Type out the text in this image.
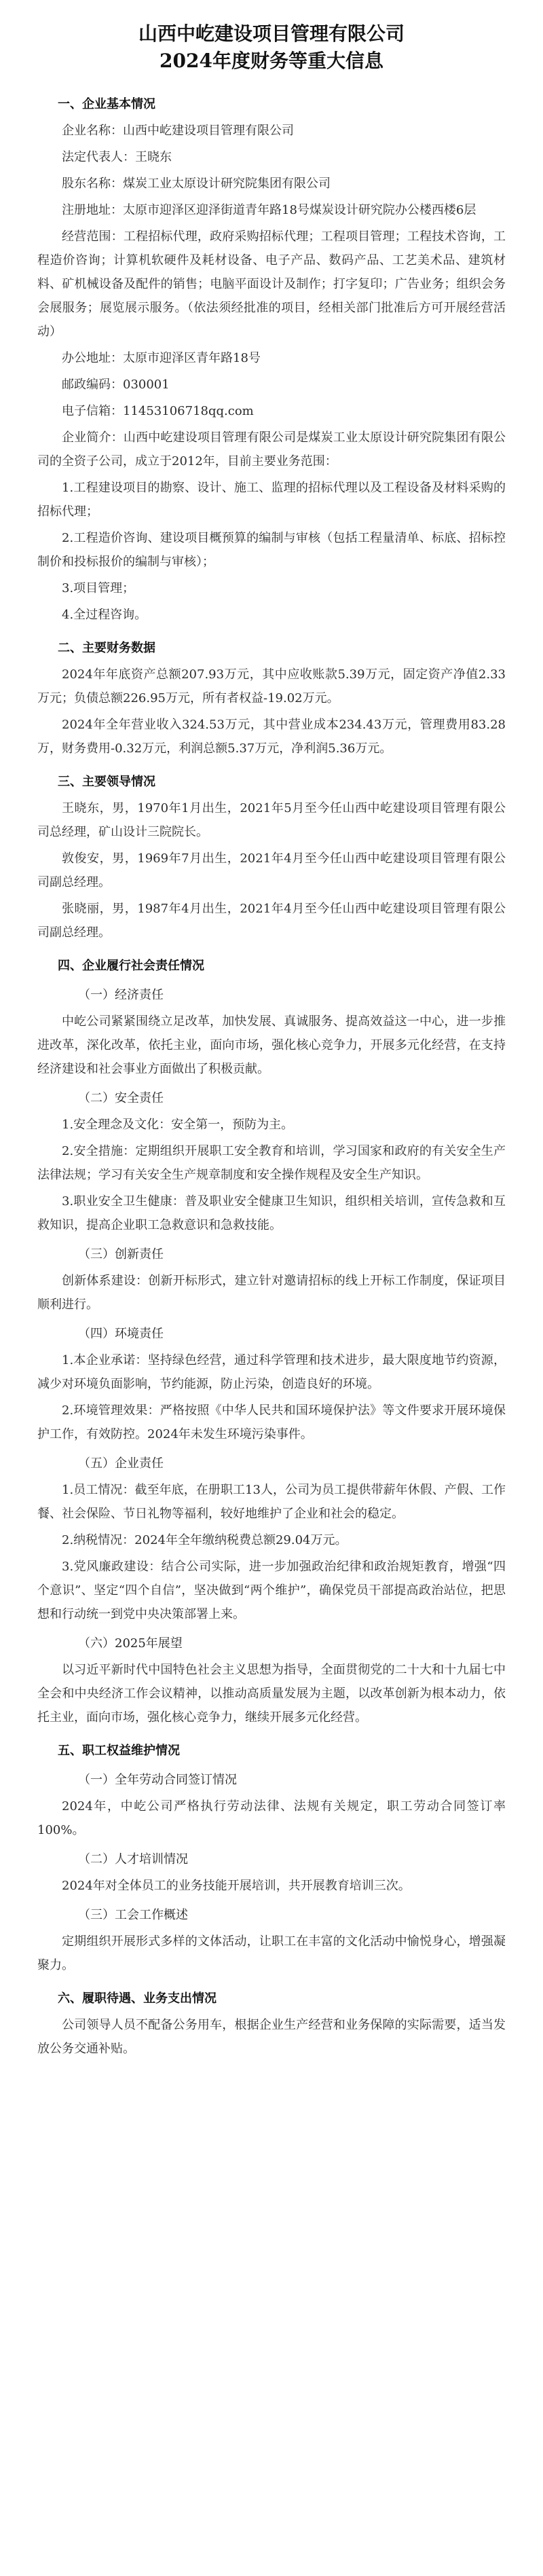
山西中屹建设项目管理有限公司
2024年度财务等重大信息
一、企业基本情况
企业名称：山西中屹建设项目管理有限公司
法定代表人：王晓东
股东名称：煤炭工业太原设计研究院集团有限公司
注册地址：太原市迎泽区迎泽街道青年路18号煤炭设计研究院办公楼西楼6层
经营范围：工程招标代理，政府采购招标代理；工程项目管理；工程技术咨询，工程造价咨询；计算机软硬件及耗材设备、电子产品、数码产品、工艺美术品、建筑材料、矿机械设备及配件的销售；电脑平面设计及制作；打字复印；广告业务；组织会务会展服务；展览展示服务。（依法须经批准的项目，经相关部门批准后方可开展经营活动）
办公地址：太原市迎泽区青年路18号
邮政编码：030001
电子信箱：11453106718qq.com
企业简介：山西中屹建设项目管理有限公司是煤炭工业太原设计研究院集团有限公司的全资子公司，成立于2012年，目前主要业务范围：
1.工程建设项目的勘察、设计、施工、监理的招标代理以及工程设备及材料采购的招标代理；
2.工程造价咨询、建设项目概预算的编制与审核（包括工程量清单、标底、招标控制价和投标报价的编制与审核）；
3.项目管理；
4.全过程咨询。
二、主要财务数据
2024年年底资产总额207.93万元，其中应收账款5.39万元，固定资产净值2.33万元；负债总额226.95万元，所有者权益-19.02万元。
2024年全年营业收入324.53万元，其中营业成本234.43万元，管理费用83.28万，财务费用-0.32万元，利润总额5.37万元，净利润5.36万元。
三、主要领导情况
王晓东，男，1970年1月出生，2021年5月至今任山西中屹建设项目管理有限公司总经理，矿山设计三院院长。
敦俊安，男，1969年7月出生，2021年4月至今任山西中屹建设项目管理有限公司副总经理。
张晓丽，男，1987年4月出生，2021年4月至今任山西中屹建设项目管理有限公司副总经理。
四、企业履行社会责任情况
（一）经济责任
中屹公司紧紧围绕立足改革，加快发展、真诚服务、提高效益这一中心，进一步推进改革，深化改革，依托主业，面向市场，强化核心竞争力，开展多元化经营，在支持经济建设和社会事业方面做出了积极贡献。
（二）安全责任
1.安全理念及文化：安全第一，预防为主。
2.安全措施：定期组织开展职工安全教育和培训，学习国家和政府的有关安全生产法律法规；学习有关安全生产规章制度和安全操作规程及安全生产知识。
3.职业安全卫生健康：普及职业安全健康卫生知识，组织相关培训，宣传急救和互救知识，提高企业职工急救意识和急救技能。
（三）创新责任
创新体系建设：创新开标形式，建立针对邀请招标的线上开标工作制度，保证项目顺利进行。
（四）环境责任
1.本企业承诺：坚持绿色经营，通过科学管理和技术进步，最大限度地节约资源，减少对环境负面影响，节约能源，防止污染，创造良好的环境。
2.环境管理效果：严格按照《中华人民共和国环境保护法》等文件要求开展环境保护工作，有效防控。2024年未发生环境污染事件。
（五）企业责任
1.员工情况：截至年底，在册职工13人，公司为员工提供带薪年休假、产假、工作餐、社会保险、节日礼物等福利，较好地维护了企业和社会的稳定。
2.纳税情况：2024年全年缴纳税费总额29.04万元。
3.党风廉政建设：结合公司实际，进一步加强政治纪律和政治规矩教育，增强“四个意识”、坚定“四个自信”，坚决做到“两个维护”，确保党员干部提高政治站位，把思想和行动统一到党中央决策部署上来。
（六）2025年展望
以习近平新时代中国特色社会主义思想为指导，全面贯彻党的二十大和十九届七中全会和中央经济工作会议精神，以推动高质量发展为主题，以改革创新为根本动力，依托主业，面向市场，强化核心竞争力，继续开展多元化经营。
五、职工权益维护情况
（一）全年劳动合同签订情况
2024年，中屹公司严格执行劳动法律、法规有关规定，职工劳动合同签订率100%。
（二）人才培训情况
2024年对全体员工的业务技能开展培训，共开展教育培训三次。
（三）工会工作概述
定期组织开展形式多样的文体活动，让职工在丰富的文化活动中愉悦身心，增强凝聚力。
六、履职待遇、业务支出情况
公司领导人员不配备公务用车，根据企业生产经营和业务保障的实际需要，适当发放公务交通补贴。
